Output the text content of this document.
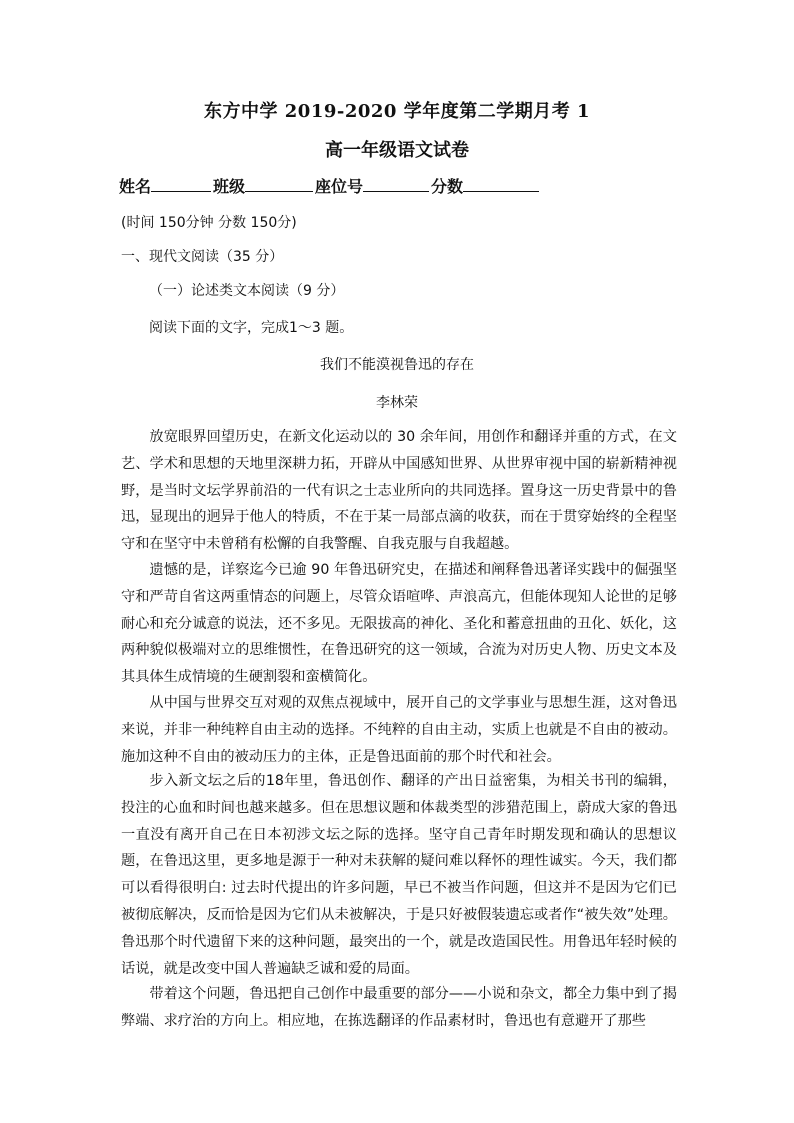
东方中学 2019-2020 学年度第二学期月考 1
高一年级语文试卷
姓名	班级	座位号	分数
(时间 150分钟 分数 150分)
一、现代文阅读（35 分）
（一）论述类文本阅读（9 分）
阅读下面的文字，完成1～3 题。
我们不能漠视鲁迅的存在
李林荣

放宽眼界回望历史，在新文化运动以的 30 余年间，用创作和翻译并重的方式，在文艺、学术和思想的天地里深耕力拓，开辟从中国感知世界、从世界审视中国的崭新精神视野，是当时文坛学界前沿的一代有识之士志业所向的共同选择。置身这一历史背景中的鲁迅，显现出的迥异于他人的特质，不在于某一局部点滴的收获，而在于贯穿始终的全程坚守和在坚守中未曾稍有松懈的自我警醒、自我克服与自我超越。

遗憾的是，详察迄今已逾 90 年鲁迅研究史，在描述和阐释鲁迅著译实践中的倔强坚守和严苛自省这两重情态的问题上，尽管众语喧哗、声浪高亢，但能体现知人论世的足够耐心和充分诚意的说法，还不多见。无限拔高的神化、圣化和蓄意扭曲的丑化、妖化，这两种貌似极端对立的思维惯性，在鲁迅研究的这一领域，合流为对历史人物、历史文本及其具体生成情境的生硬割裂和蛮横简化。

从中国与世界交互对观的双焦点视域中，展开自己的文学事业与思想生涯，这对鲁迅来说，并非一种纯粹自由主动的选择。不纯粹的自由主动，实质上也就是不自由的被动。施加这种不自由的被动压力的主体，正是鲁迅面前的那个时代和社会。

步入新文坛之后的18年里，鲁迅创作、翻译的产出日益密集，为相关书刊的编辑，投注的心血和时间也越来越多。但在思想议题和体裁类型的涉猎范围上，蔚成大家的鲁迅一直没有离开自己在日本初涉文坛之际的选择。坚守自己青年时期发现和确认的思想议题，在鲁迅这里，更多地是源于一种对未获解的疑问难以释怀的理性诚实。今天，我们都可以看得很明白: 过去时代提出的许多问题，早已不被当作问题，但这并不是因为它们已被彻底解决，反而恰是因为它们从未被解决，于是只好被假装遗忘或者作“被失效”处理。鲁迅那个时代遗留下来的这种问题，最突出的一个，就是改造国民性。用鲁迅年轻时候的话说，就是改变中国人普遍缺乏诚和爱的局面。

带着这个问题，鲁迅把自己创作中最重要的部分——小说和杂文，都全力集中到了揭弊端、求疗治的方向上。相应地，在拣选翻译的作品素材时，鲁迅也有意避开了那些
